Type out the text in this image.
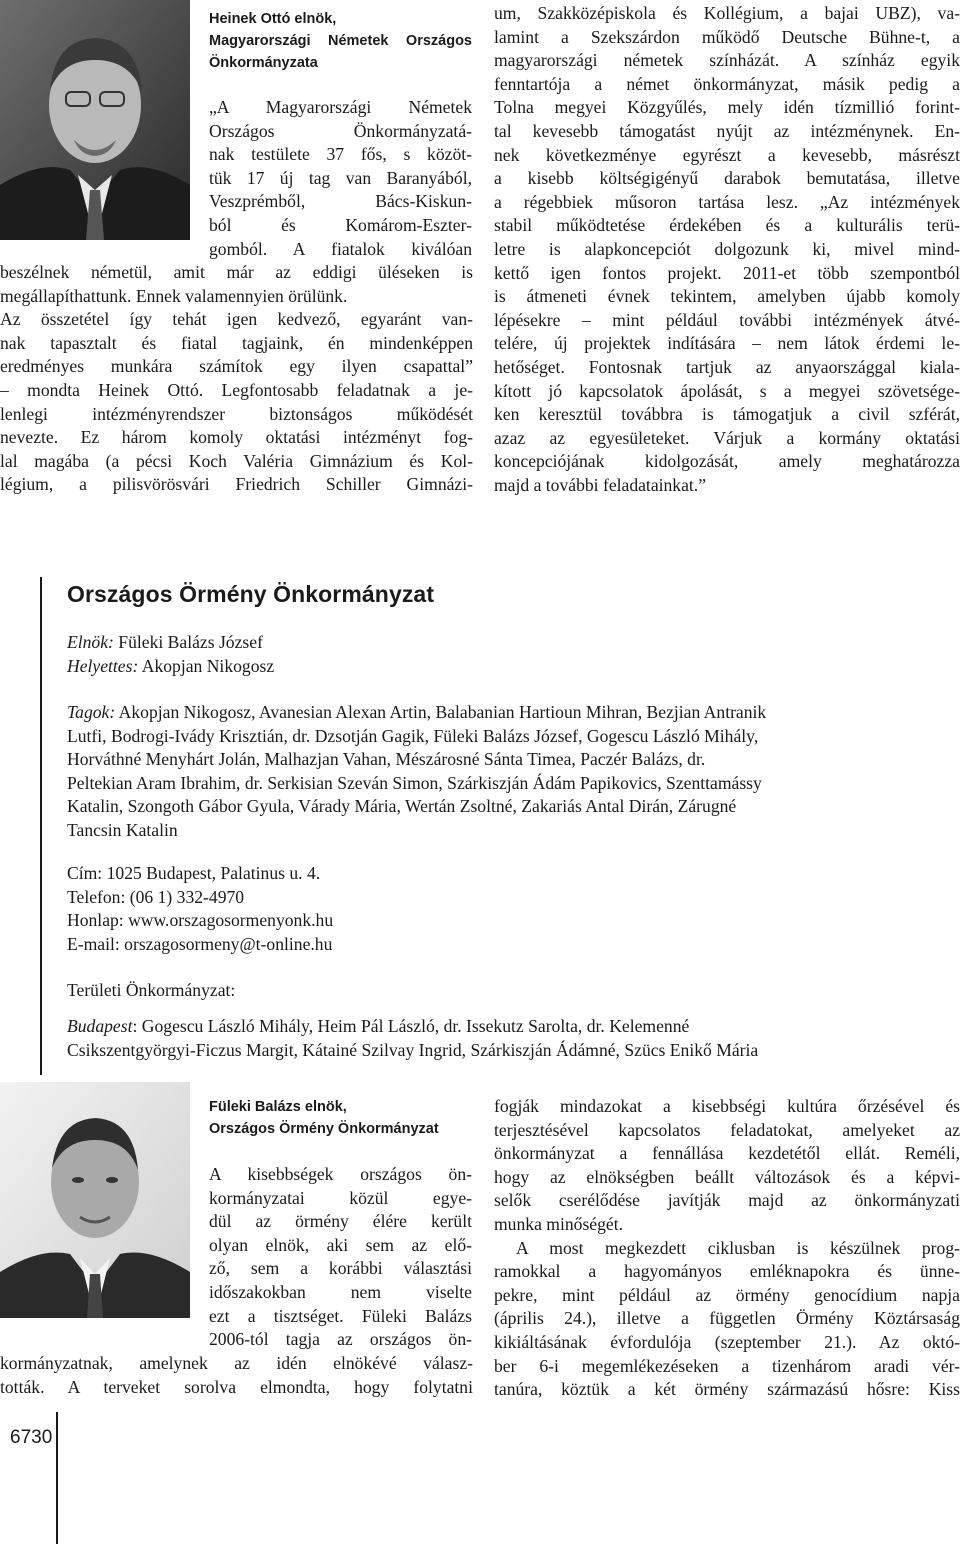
Heinek Ottó elnök,
Magyarországi Németek Országos
Önkormányzata
„A Magyarországi Németek
Országos Önkormányzatá-
nak testülete 37 fős, s közöt-
tük 17 új tag van Baranyából,
Veszprémből, Bács-Kiskun-
ból és Komárom-Eszter-
gomból. A fiatalok kiválóan
beszélnek németül, amit már az eddigi üléseken is
megállapíthattunk. Ennek valamennyien örülünk.
Az összetétel így tehát igen kedvező, egyaránt van-
nak tapasztalt és fiatal tagjaink, én mindenképpen
eredményes munkára számítok egy ilyen csapattal”
– mondta Heinek Ottó. Legfontosabb feladatnak a je-
lenlegi intézményrendszer biztonságos működését
nevezte. Ez három komoly oktatási intézményt fog-
lal magába (a pécsi Koch Valéria Gimnázium és Kol-
légium, a pilisvörösvári Friedrich Schiller Gimnázi-
um, Szakközépiskola és Kollégium, a bajai UBZ), va-
lamint a Szekszárdon működő Deutsche Bühne-t, a
magyarországi németek színházát. A színház egyik
fenntartója a német önkormányzat, másik pedig a
Tolna megyei Közgyűlés, mely idén tízmillió forint-
tal kevesebb támogatást nyújt az intézménynek. En-
nek következménye egyrészt a kevesebb, másrészt
a kisebb költségigényű darabok bemutatása, illetve
a régebbiek műsoron tartása lesz. „Az intézmények
stabil működtetése érdekében és a kulturális terü-
letre is alapkoncepciót dolgozunk ki, mivel mind-
kettő igen fontos projekt. 2011-et több szempontból
is átmeneti évnek tekintem, amelyben újabb komoly
lépésekre – mint például további intézmények átvé-
telére, új projektek indítására – nem látok érdemi le-
hetőséget. Fontosnak tartjuk az anyaországgal kiala-
kított jó kapcsolatok ápolását, s a megyei szövetsége-
ken keresztül továbbra is támogatjuk a civil szférát,
azaz az egyesületeket. Várjuk a kormány oktatási
koncepciójának kidolgozását, amely meghatározza
majd a további feladatainkat.”
Országos Örmény Önkormányzat
Elnök: Füleki Balázs József
Helyettes: Akopjan Nikogosz
Tagok: Akopjan Nikogosz, Avanesian Alexan Artin, Balabanian Hartioun Mihran, Bezjian Antranik
Lutfi, Bodrogi-Ivády Krisztián, dr. Dzsotján Gagik, Füleki Balázs József, Gogescu László Mihály,
Horváthné Menyhárt Jolán, Malhazjan Vahan, Mészárosné Sánta Timea, Paczér Balázs, dr.
Peltekian Aram Ibrahim, dr. Serkisian Szeván Simon, Szárkiszján Ádám Papikovics, Szenttamássy
Katalin, Szongoth Gábor Gyula, Várady Mária, Wertán Zsoltné, Zakariás Antal Dirán, Zárugné
Tancsin Katalin
Cím: 1025 Budapest, Palatinus u. 4.
Telefon: (06 1) 332-4970
Honlap: www.orszagosormenyonk.hu
E-mail: orszagosormeny@t-online.hu
Területi Önkormányzat:
Budapest: Gogescu László Mihály, Heim Pál László, dr. Issekutz Sarolta, dr. Kelemenné
Csikszentgyörgyi-Ficzus Margit, Kátainé Szilvay Ingrid, Szárkiszján Ádámné, Szücs Enikő Mária
Füleki Balázs elnök,
Országos Örmény Önkormányzat
A kisebbségek országos ön-
kormányzatai közül egye-
dül az örmény élére került
olyan elnök, aki sem az elő-
ző, sem a korábbi választási
időszakokban nem viselte
ezt a tisztséget. Füleki Balázs
2006-tól tagja az országos ön-
kormányzatnak, amelynek az idén elnökévé válasz-
tották. A terveket sorolva elmondta, hogy folytatni
fogják mindazokat a kisebbségi kultúra őrzésével és
terjesztésével kapcsolatos feladatokat, amelyeket az
önkormányzat a fennállása kezdetétől ellát. Reméli,
hogy az elnökségben beállt változások és a képvi-
selők cserélődése javítják majd az önkormányzati
munka minőségét.
A most megkezdett ciklusban is készülnek prog-
ramokkal a hagyományos emléknapokra és ünne-
pekre, mint például az örmény genocídium napja
(április 24.), illetve a független Örmény Köztársaság
kikiáltásának évfordulója (szeptember 21.). Az októ-
ber 6-i megemlékezéseken a tizenhárom aradi vér-
tanúra, köztük a két örmény származású hősre: Kiss
6730
